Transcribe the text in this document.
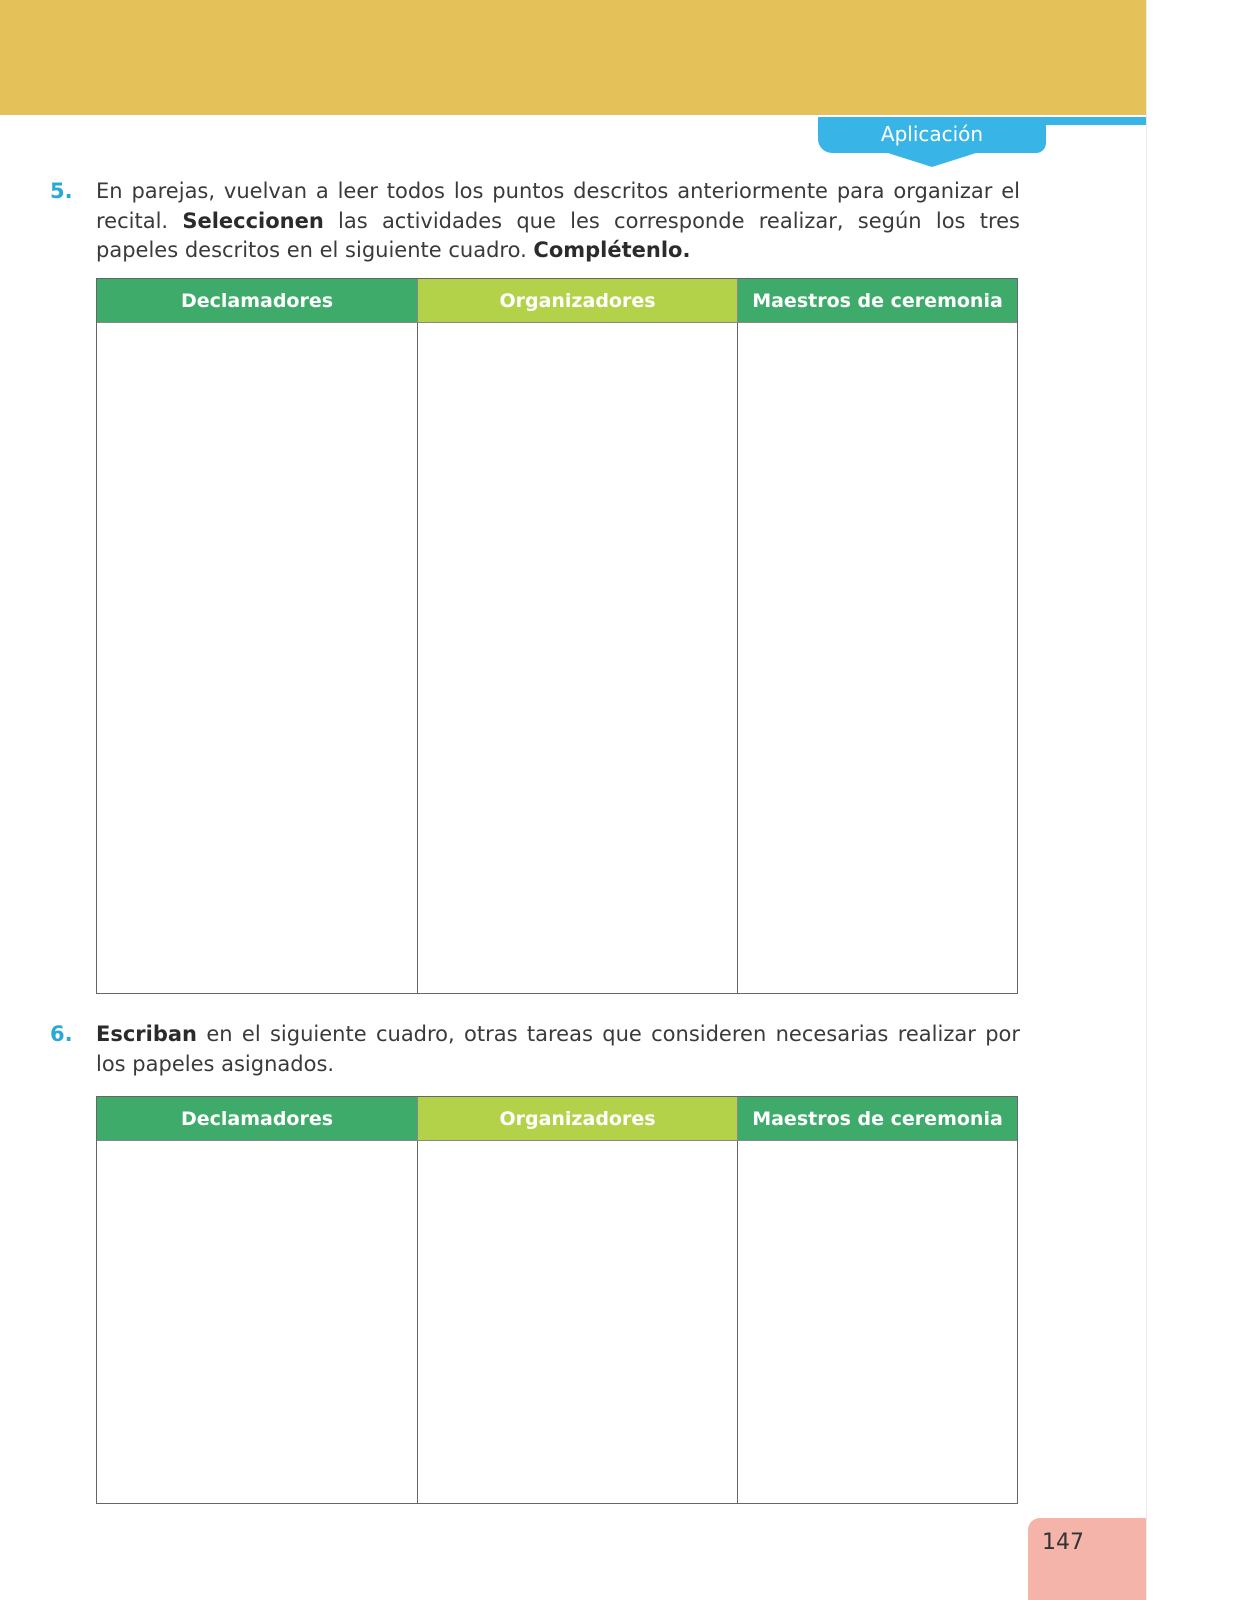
Aplicación
5. En parejas, vuelvan a leer todos los puntos descritos anteriormente para organizar el recital. Seleccionen las actividades que les corresponde realizar, según los tres papeles descritos en el siguiente cuadro. Complétenlo.
Declamadores	Organizadores	Maestros de ceremonia
6. Escriban en el siguiente cuadro, otras tareas que consideren necesarias realizar por los papeles asignados.
Declamadores	Organizadores	Maestros de ceremonia
147
